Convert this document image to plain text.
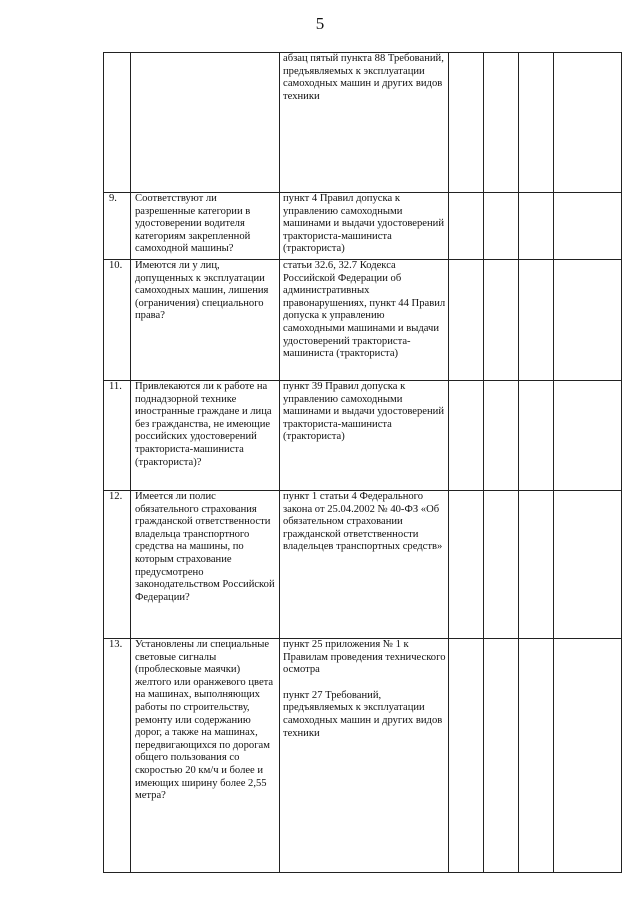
5
		абзац пятый пункта 88 Требований, предъявляемых к эксплуатации самоходных машин и других видов техники				
9.	Соответствуют ли разрешенные категории в удостоверении водителя категориям закрепленной самоходной машины?	пункт 4 Правил допуска к управлению самоходными машинами и выдачи удостоверений тракториста-машиниста (тракториста)				
10.	Имеются ли у лиц, допущенных к эксплуатации самоходных машин, лишения (ограничения) специального права?	статьи 32.6, 32.7 Кодекса Российской Федерации об административных правонарушениях, пункт 44 Правил допуска к управлению самоходными машинами и выдачи удостоверений тракториста-машиниста (тракториста)				
11.	Привлекаются ли к работе на поднадзорной технике иностранные граждане и лица без гражданства, не имеющие российских удостоверений тракториста-машиниста (тракториста)?	пункт 39 Правил допуска к управлению самоходными машинами и выдачи удостоверений тракториста-машиниста (тракториста)				
12.	Имеется ли полис обязательного страхования гражданской ответственности владельца транспортного средства на машины, по которым страхование предусмотрено законодательством Российской Федерации?	пункт 1 статьи 4 Федерального закона от 25.04.2002 № 40-ФЗ «Об обязательном страховании гражданской ответственности владельцев транспортных средств»				
13.	Установлены ли специальные световые сигналы (проблесковые маячки) желтого или оранжевого цвета на машинах, выполняющих работы по строительству, ремонту или содержанию дорог, а также на машинах, передвигающихся по дорогам общего пользования со скоростью 20 км/ч и более и имеющих ширину более 2,55 метра?	пункт 25 приложения № 1 к Правилам проведения технического осмотра
пункт 27 Требований, предъявляемых к эксплуатации самоходных машин и других видов техники				
